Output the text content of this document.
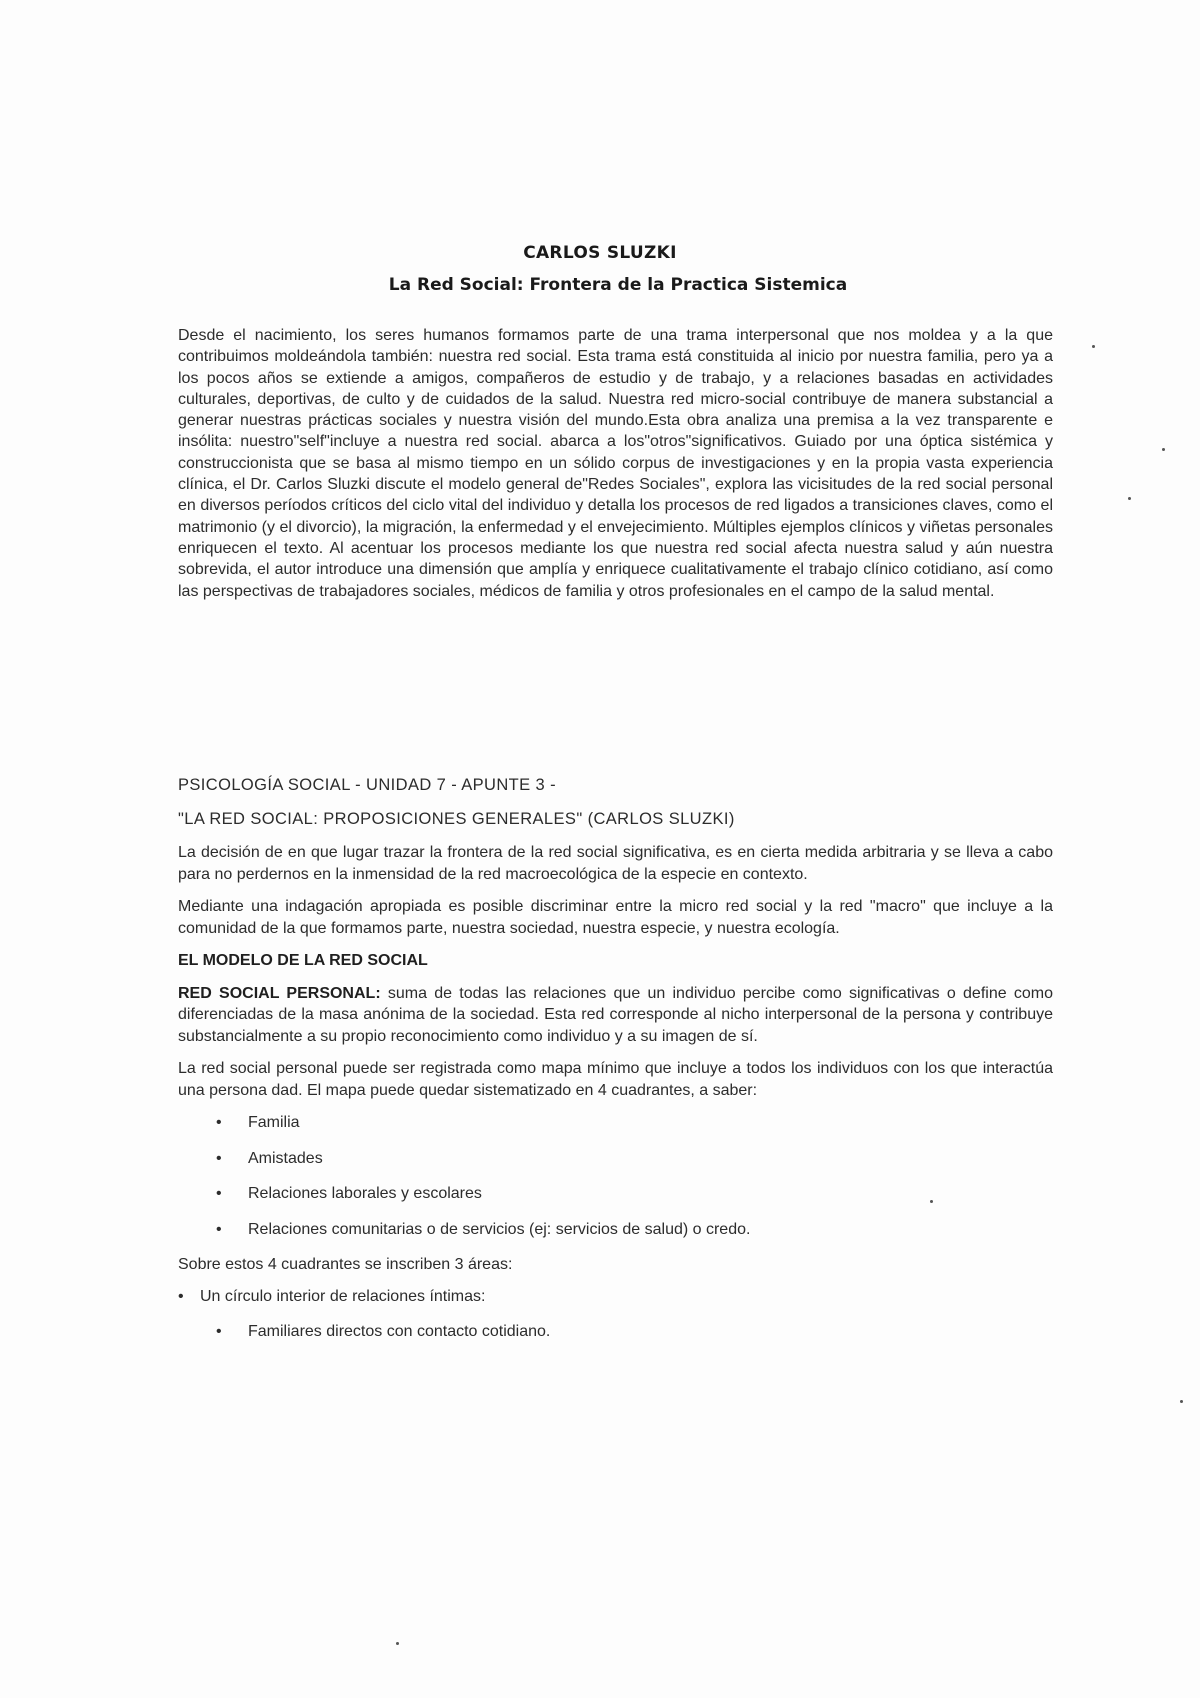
CARLOS SLUZKI

La Red Social: Frontera de la Practica Sistemica

Desde el nacimiento, los seres humanos formamos parte de una trama interpersonal que nos moldea y a la que contribuimos moldeándola también: nuestra red social. Esta trama está constituida al inicio por nuestra familia, pero ya a los pocos años se extiende a amigos, compañeros de estudio y de trabajo, y a relaciones basadas en actividades culturales, deportivas, de culto y de cuidados de la salud. Nuestra red micro-social contribuye de manera substancial a generar nuestras prácticas sociales y nuestra visión del mundo.Esta obra analiza una premisa a la vez transparente e insólita: nuestro"self"incluye a nuestra red social. abarca a los"otros"significativos. Guiado por una óptica sistémica y construccionista que se basa al mismo tiempo en un sólido corpus de investigaciones y en la propia vasta experiencia clínica, el Dr. Carlos Sluzki discute el modelo general de"Redes Sociales", explora las vicisitudes de la red social personal en diversos períodos críticos del ciclo vital del individuo y detalla los procesos de red ligados a transiciones claves, como el matrimonio (y el divorcio), la migración, la enfermedad y el envejecimiento. Múltiples ejemplos clínicos y viñetas personales enriquecen el texto. Al acentuar los procesos mediante los que nuestra red social afecta nuestra salud y aún nuestra sobrevida, el autor introduce una dimensión que amplía y enriquece cualitativamente el trabajo clínico cotidiano, así como las perspectivas de trabajadores sociales, médicos de familia y otros profesionales en el campo de la salud mental.

PSICOLOGÍA SOCIAL - UNIDAD 7 - APUNTE 3 -

"LA RED SOCIAL: PROPOSICIONES GENERALES" (CARLOS SLUZKI)

La decisión de en que lugar trazar la frontera de la red social significativa, es en cierta medida arbitraria y se lleva a cabo para no perdernos en la inmensidad de la red macroecológica de la especie en contexto.

Mediante una indagación apropiada es posible discriminar entre la micro red social y la red "macro" que incluye a la comunidad de la que formamos parte, nuestra sociedad, nuestra especie, y nuestra ecología.

EL MODELO DE LA RED SOCIAL

RED SOCIAL PERSONAL: suma de todas las relaciones que un individuo percibe como significativas o define como diferenciadas de la masa anónima de la sociedad. Esta red corresponde al nicho interpersonal de la persona y contribuye substancialmente a su propio reconocimiento como individuo y a su imagen de sí.

La red social personal puede ser registrada como mapa mínimo que incluye a todos los individuos con los que interactúa una persona dad. El mapa puede quedar sistematizado en 4 cuadrantes, a saber:

• Familia
• Amistades
• Relaciones laborales y escolares
• Relaciones comunitarias o de servicios (ej: servicios de salud) o credo.

Sobre estos 4 cuadrantes se inscriben 3 áreas:

• Un círculo interior de relaciones íntimas:

• Familiares directos con contacto cotidiano.
